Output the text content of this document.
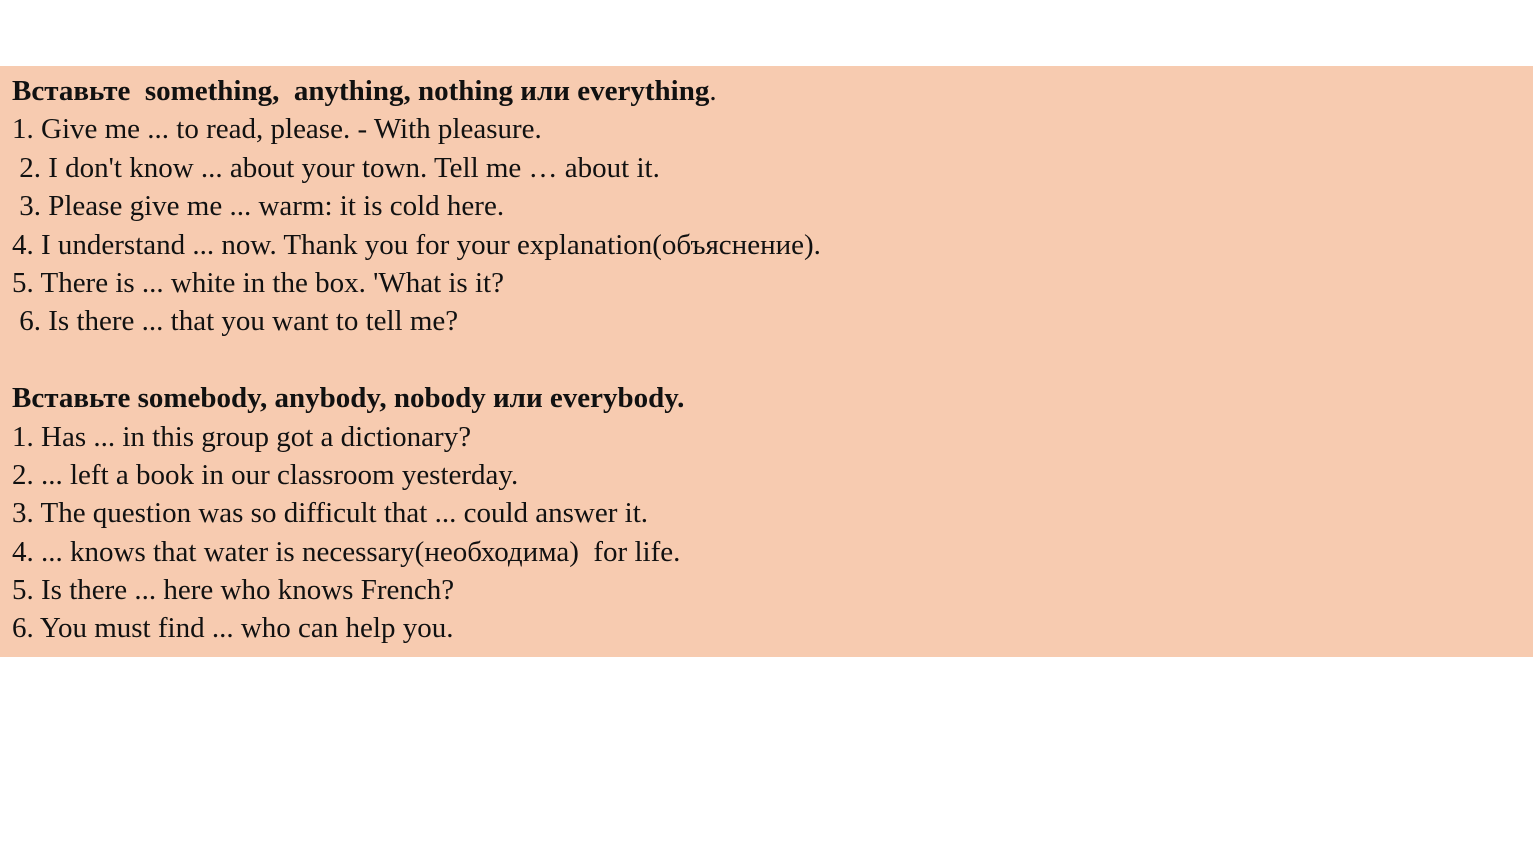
Вставьте  something,  anything, nothing или everything.
1. Give me ... to read, please. - With pleasure.
2. I don't know ... about your town. Tell me … about it.
3. Please give me ... warm: it is cold here.
4. I understand ... now. Thank you for your explanation(объяснение).
5. There is ... white in the box. 'What is it?
6. Is there ... that you want to tell me?
Вставьте somebody, anybody, nobody или everybody.
1. Has ... in this group got a dictionary?
2. ... left a book in our classroom yesterday.
3. The question was so difficult that ... could answer it.
4. ... knows that water is necessary(необходима)  for life.
5. Is there ... here who knows French?
6. You must find ... who can help you.
